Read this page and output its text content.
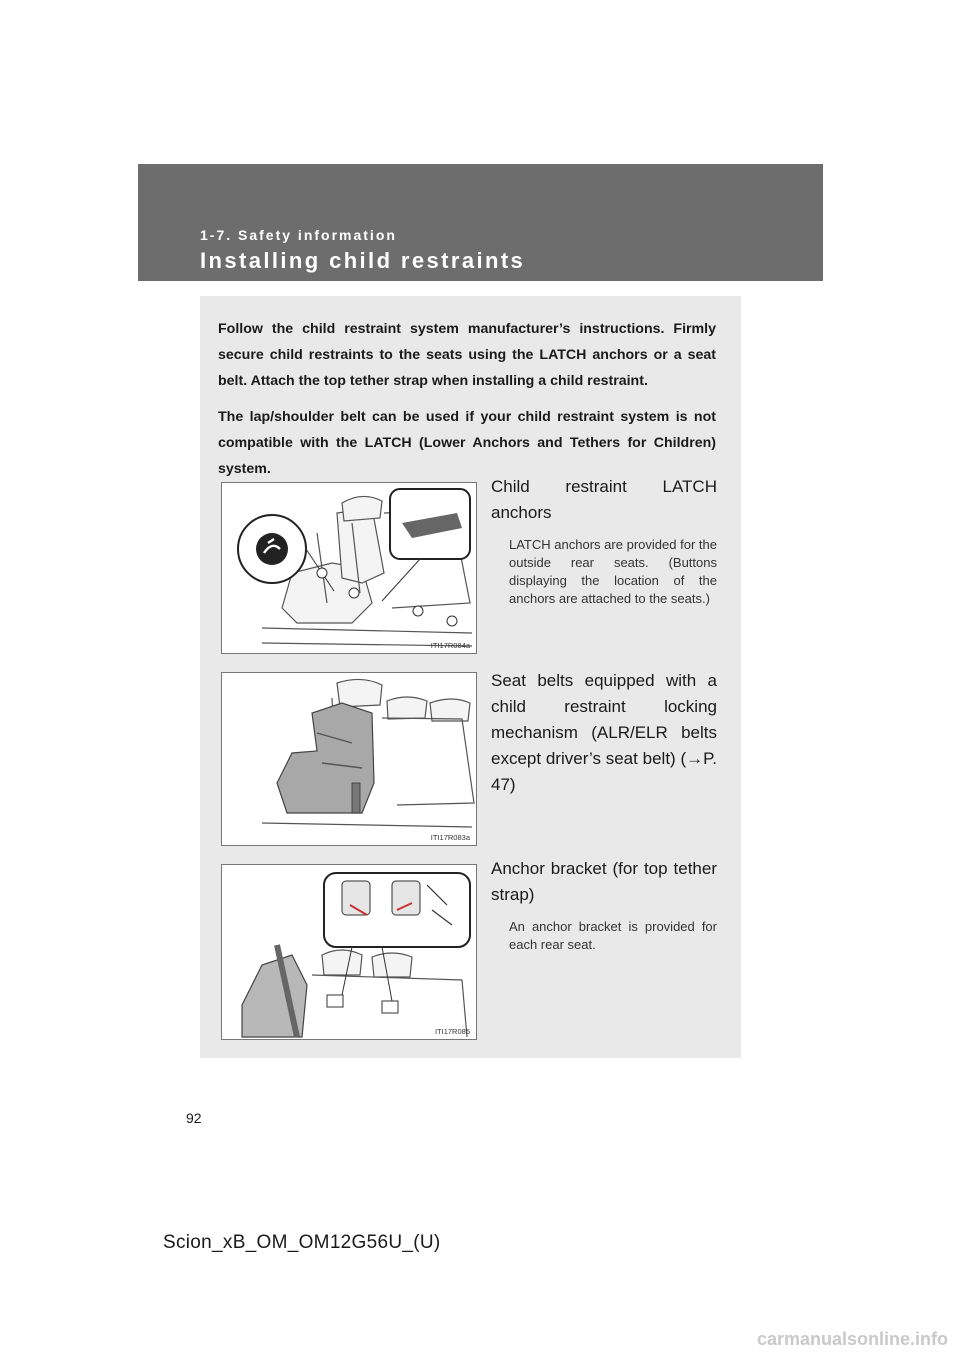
1-7. Safety information
Installing child restraints

Follow the child restraint system manufacturer’s instructions. Firmly secure child restraints to the seats using the LATCH anchors or a seat belt. Attach the top tether strap when installing a child restraint.

The lap/shoulder belt can be used if your child restraint system is not compatible with the LATCH (Lower Anchors and Tethers for Children) system.

ITI17R084a
Child restraint LATCH anchors
LATCH anchors are provided for the outside rear seats. (Buttons displaying the location of the anchors are attached to the seats.)
ITI17R083a
Seat belts equipped with a child restraint locking mechanism (ALR/ELR belts except driver’s seat belt) (→P. 47)
ITI17R085
Anchor bracket (for top tether strap)
An anchor bracket is provided for each rear seat.
92
Scion_xB_OM_OM12G56U_(U)
carmanualsonline.info
